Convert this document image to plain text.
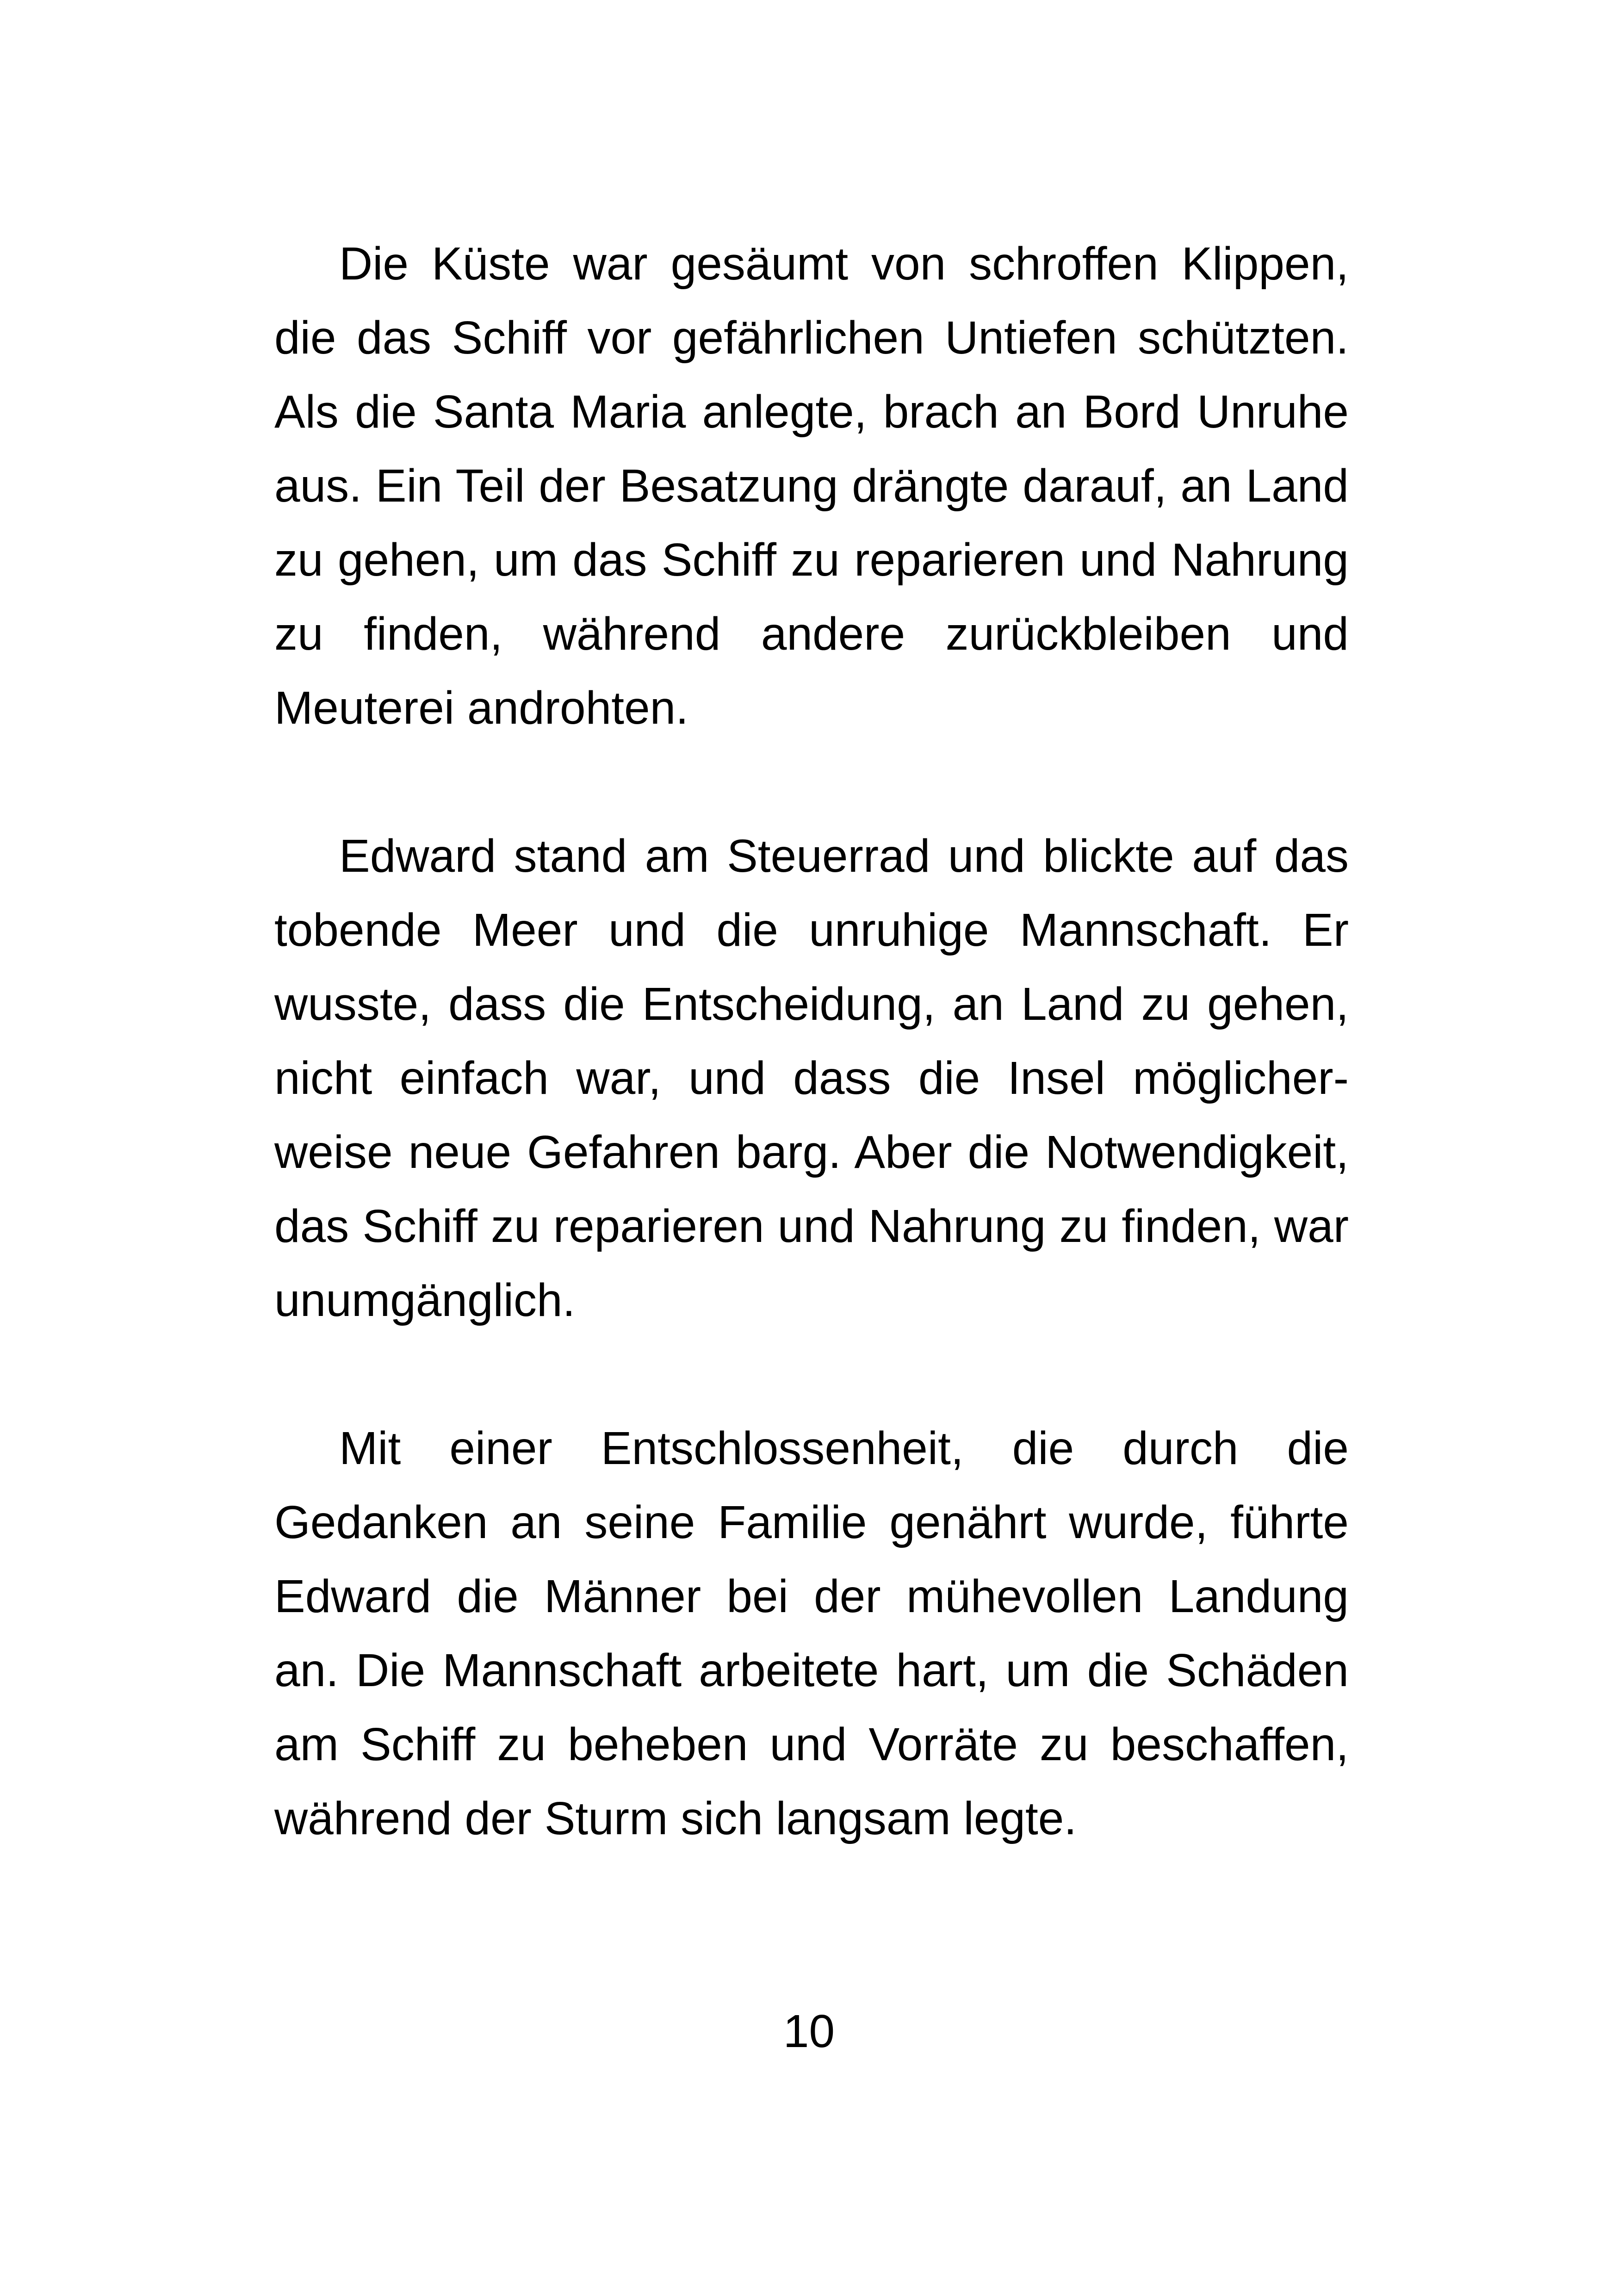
Die Küste war gesäumt von schroffen Klippen, die das Schiff vor gefährlichen Untiefen schützten. Als die Santa Maria anlegte, brach an Bord Unruhe aus. Ein Teil der Besatzung drängte darauf, an Land zu gehen, um das Schiff zu reparieren und Nahrung zu finden, während andere zurückbleiben und Meuterei androhten.

Edward stand am Steuerrad und blickte auf das tobende Meer und die unruhige Mannschaft. Er wusste, dass die Entscheidung, an Land zu gehen, nicht einfach war, und dass die Insel möglicher-weise neue Gefahren barg. Aber die Notwendigkeit, das Schiff zu reparieren und Nahrung zu finden, war unumgänglich.

Mit einer Entschlossenheit, die durch die Gedanken an seine Familie genährt wurde, führte Edward die Männer bei der mühevollen Landung an. Die Mannschaft arbeitete hart, um die Schäden am Schiff zu beheben und Vorräte zu beschaffen, während der Sturm sich langsam legte.

10
